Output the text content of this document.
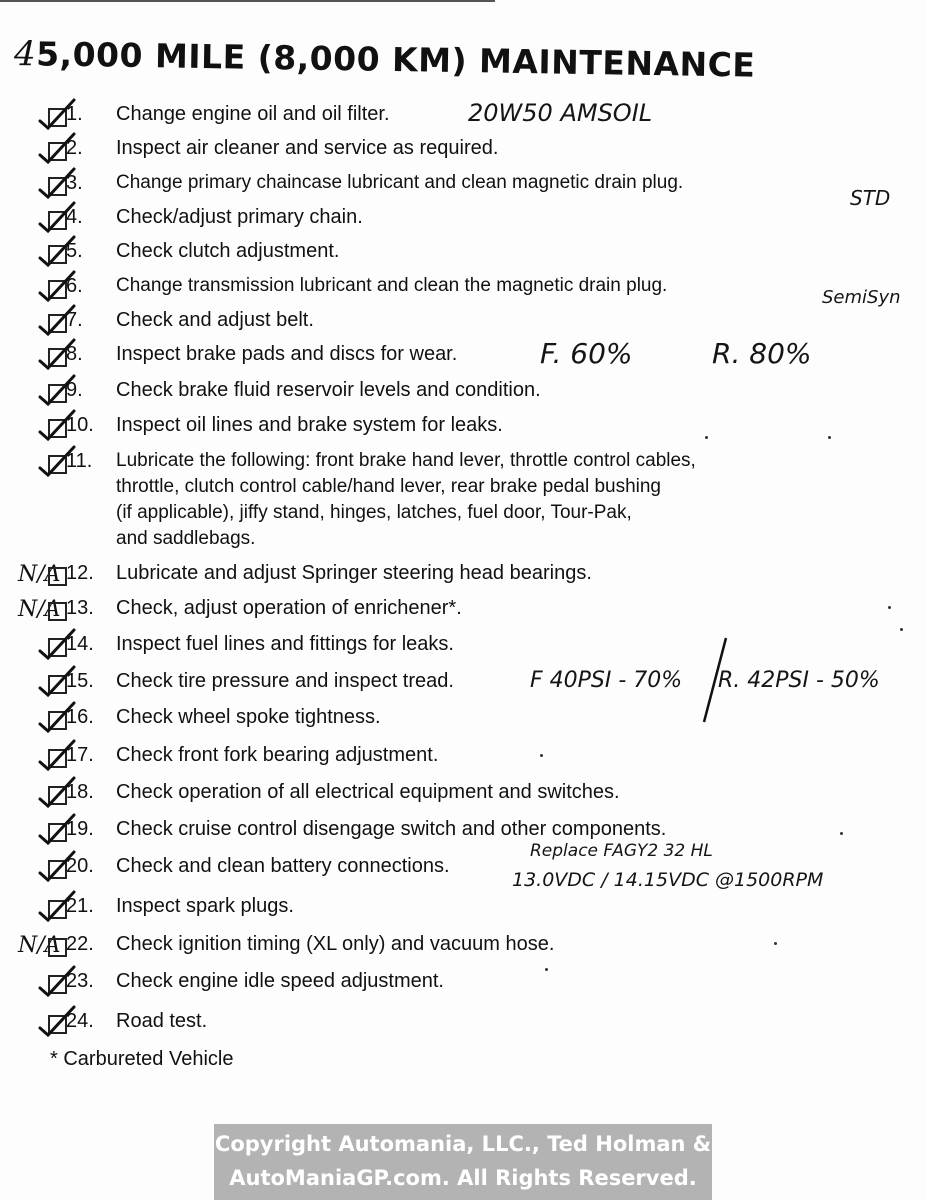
45,000 MILE (8,000 KM) MAINTENANCE
1.	Change engine oil and oil filter.	20W50 AMSOIL
2.	Inspect air cleaner and service as required.
3.	Change primary chaincase lubricant and clean magnetic drain plug.
STD
4.	Check/adjust primary chain.
5.	Check clutch adjustment.
6.	Change transmission lubricant and clean the magnetic drain plug.
SemiSyn
7.	Check and adjust belt.
8.	Inspect brake pads and discs for wear.	F. 60%	R. 80%
9.	Check brake fluid reservoir levels and condition.
10.	Inspect oil lines and brake system for leaks.
11.	Lubricate the following: front brake hand lever, throttle control cables,
throttle, clutch control cable/hand lever, rear brake pedal bushing
(if applicable), jiffy stand, hinges, latches, fuel door, Tour-Pak,
and saddlebags.
N/A 12.	Lubricate and adjust Springer steering head bearings.
N/A 13.	Check, adjust operation of enrichener*.
14.	Inspect fuel lines and fittings for leaks.
15.	Check tire pressure and inspect tread.	F 40PSI - 70% R. 42PSI - 50%
16.	Check wheel spoke tightness.
17.	Check front fork bearing adjustment.
18.	Check operation of all electrical equipment and switches.
19.	Check cruise control disengage switch and other components.
20.	Check and clean battery connections.
Replace FAGY2 32 HL
13.0VDC / 14.15VDC @1500RPM
21.	Inspect spark plugs.
N/A 22.	Check ignition timing (XL only) and vacuum hose.
23.	Check engine idle speed adjustment.
24.	Road test.
* Carbureted Vehicle
Copyright Automania, LLC., Ted Holman &
AutoManiaGP.com. All Rights Reserved.
